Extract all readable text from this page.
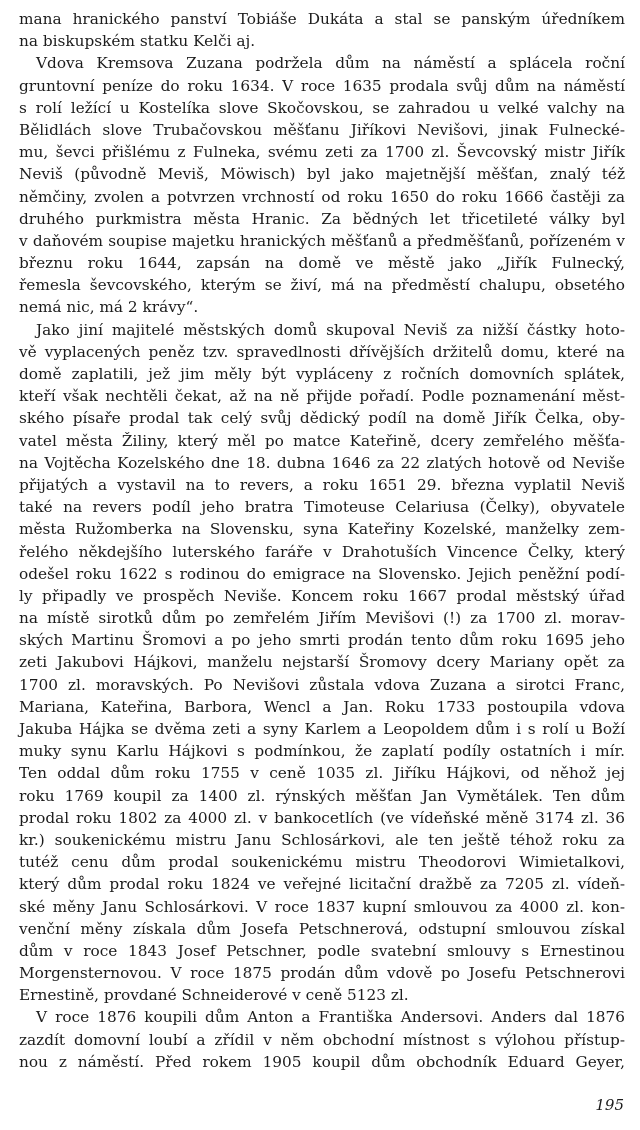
mana hranického panství Tobiáše Dukáta a stal se panským úředníkem
na biskupském statku Kelči aj.
Vdova Kremsova Zuzana podržela dům na náměstí a splácela roční
gruntovní peníze do roku 1634. V roce 1635 prodala svůj dům na náměstí
s rolí ležící u Kostelíka slove Skočovskou, se zahradou u velké valchy na
Bělidlách slove Trubačovskou měšťanu Jiříkovi Nevišovi, jinak Fulnecké-
mu, ševci přišlému z Fulneka, svému zeti za 1700 zl. Ševcovský mistr Jiřík
Neviš (původně Meviš, Möwisch) byl jako majetnější měšťan, znalý též
němčiny, zvolen a potvrzen vrchností od roku 1650 do roku 1666 častěji za
druhého purkmistra města Hranic. Za bědných let třicetileté války byl
v daňovém soupise majetku hranických měšťanů a předměšťanů, pořízeném v březnu roku 1644, zapsán na domě ve městě jako „Jiřík Fulnecký,
řemesla ševcovského, kterým se živí, má na předměstí chalupu, obsetého
nemá nic, má 2 krávy“.
Jako jiní majitelé městských domů skupoval Neviš za nižší částky hoto-
vě vyplacených peněz tzv. spravedlnosti dřívějších držitelů domu, které na
domě zaplatili, jež jim měly být vypláceny z ročních domovních splátek,
kteří však nechtěli čekat, až na ně přijde pořadí. Podle poznamenání měst-
ského písaře prodal tak celý svůj dědický podíl na domě Jiřík Čelka, oby-
vatel města Žiliny, který měl po matce Kateřině, dcery zemřelého měšťa-
na Vojtěcha Kozelského dne 18. dubna 1646 za 22 zlatých hotově od Neviše
přijatých a vystavil na to revers, a roku 1651 29. března vyplatil Neviš
také na revers podíl jeho bratra Timoteuse Celariusa (Čelky), obyvatele
města Ružomberka na Slovensku, syna Kateřiny Kozelské, manželky zem-
řelého někdejšího luterského faráře v Drahotuších Vincence Čelky, který
odešel roku 1622 s rodinou do emigrace na Slovensko. Jejich peněžní podí-
ly připadly ve prospěch Neviše. Koncem roku 1667 prodal městský úřad
na místě sirotků dům po zemřelém Jiřím Mevišovi (!) za 1700 zl. morav-
ských Martinu Šromovi a po jeho smrti prodán tento dům roku 1695 jeho
zeti Jakubovi Hájkovi, manželu nejstarší Šromovy dcery Mariany opět za
1700 zl. moravských. Po Nevišovi zůstala vdova Zuzana a sirotci Franc,
Mariana, Kateřina, Barbora, Wencl a Jan. Roku 1733 postoupila vdova
Jakuba Hájka se dvěma zeti a syny Karlem a Leopoldem dům i s rolí u Boží
muky synu Karlu Hájkovi s podmínkou, že zaplatí podíly ostatních i mír.
Ten oddal dům roku 1755 v ceně 1035 zl. Jiříku Hájkovi, od něhož jej
roku 1769 koupil za 1400 zl. rýnských měšťan Jan Vymětálek. Ten dům
prodal roku 1802 za 4000 zl. v bankocetlích (ve vídeňské měně 3174 zl. 36
kr.) soukenickému mistru Janu Schlosárkovi, ale ten ještě téhož roku za
tutéž cenu dům prodal soukenickému mistru Theodorovi Wimietalkovi,
který dům prodal roku 1824 ve veřejné licitační dražbě za 7205 zl. vídeň-
ské měny Janu Schlosárkovi. V roce 1837 kupní smlouvou za 4000 zl. kon-
venční měny získala dům Josefa Petschnerová, odstupní smlouvou získal
dům v roce 1843 Josef Petschner, podle svatební smlouvy s Ernestinou
Morgensternovou. V roce 1875 prodán dům vdově po Josefu Petschnerovi
Ernestině, provdané Schneiderové v ceně 5123 zl.
V roce 1876 koupili dům Anton a Františka Andersovi. Anders dal 1876
zazdít domovní loubí a zřídil v něm obchodní místnost s výlohou přístup-
nou z náměstí. Před rokem 1905 koupil dům obchodník Eduard Geyer,
195
